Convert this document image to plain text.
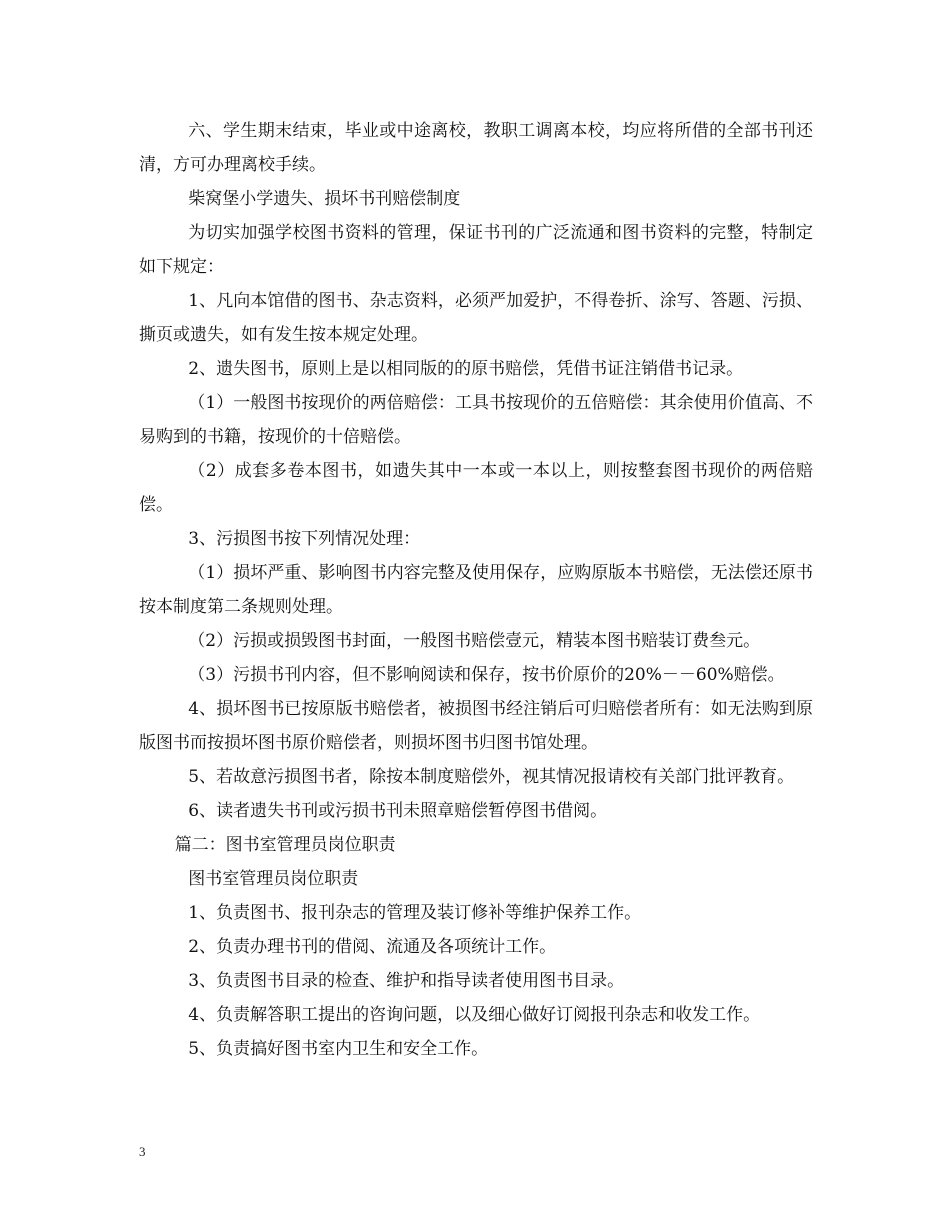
六、学生期末结束，毕业或中途离校，教职工调离本校，均应将所借的全部书刊还清，方可办理离校手续。

柴窝堡小学遗失、损坏书刊赔偿制度

为切实加强学校图书资料的管理，保证书刊的广泛流通和图书资料的完整，特制定如下规定：

1、凡向本馆借的图书、杂志资料，必须严加爱护，不得卷折、涂写、答题、污损、撕页或遗失，如有发生按本规定处理。

2、遗失图书，原则上是以相同版的的原书赔偿，凭借书证注销借书记录。

（1）一般图书按现价的两倍赔偿：工具书按现价的五倍赔偿：其余使用价值高、不易购到的书籍，按现价的十倍赔偿。

（2）成套多卷本图书，如遗失其中一本或一本以上，则按整套图书现价的两倍赔偿。

3、污损图书按下列情况处理：

（1）损坏严重、影响图书内容完整及使用保存，应购原版本书赔偿，无法偿还原书按本制度第二条规则处理。

（2）污损或损毁图书封面，一般图书赔偿壹元，精装本图书赔装订费叁元。

（3）污损书刊内容，但不影响阅读和保存，按书价原价的20%－－60%赔偿。

4、损坏图书已按原版书赔偿者，被损图书经注销后可归赔偿者所有：如无法购到原版图书而按损坏图书原价赔偿者，则损坏图书归图书馆处理。

5、若故意污损图书者，除按本制度赔偿外，视其情况报请校有关部门批评教育。

6、读者遗失书刊或污损书刊未照章赔偿暂停图书借阅。

篇二：图书室管理员岗位职责

图书室管理员岗位职责

1、负责图书、报刊杂志的管理及装订修补等维护保养工作。

2、负责办理书刊的借阅、流通及各项统计工作。

3、负责图书目录的检查、维护和指导读者使用图书目录。

4、负责解答职工提出的咨询问题，以及细心做好订阅报刊杂志和收发工作。

5、负责搞好图书室内卫生和安全工作。

3
